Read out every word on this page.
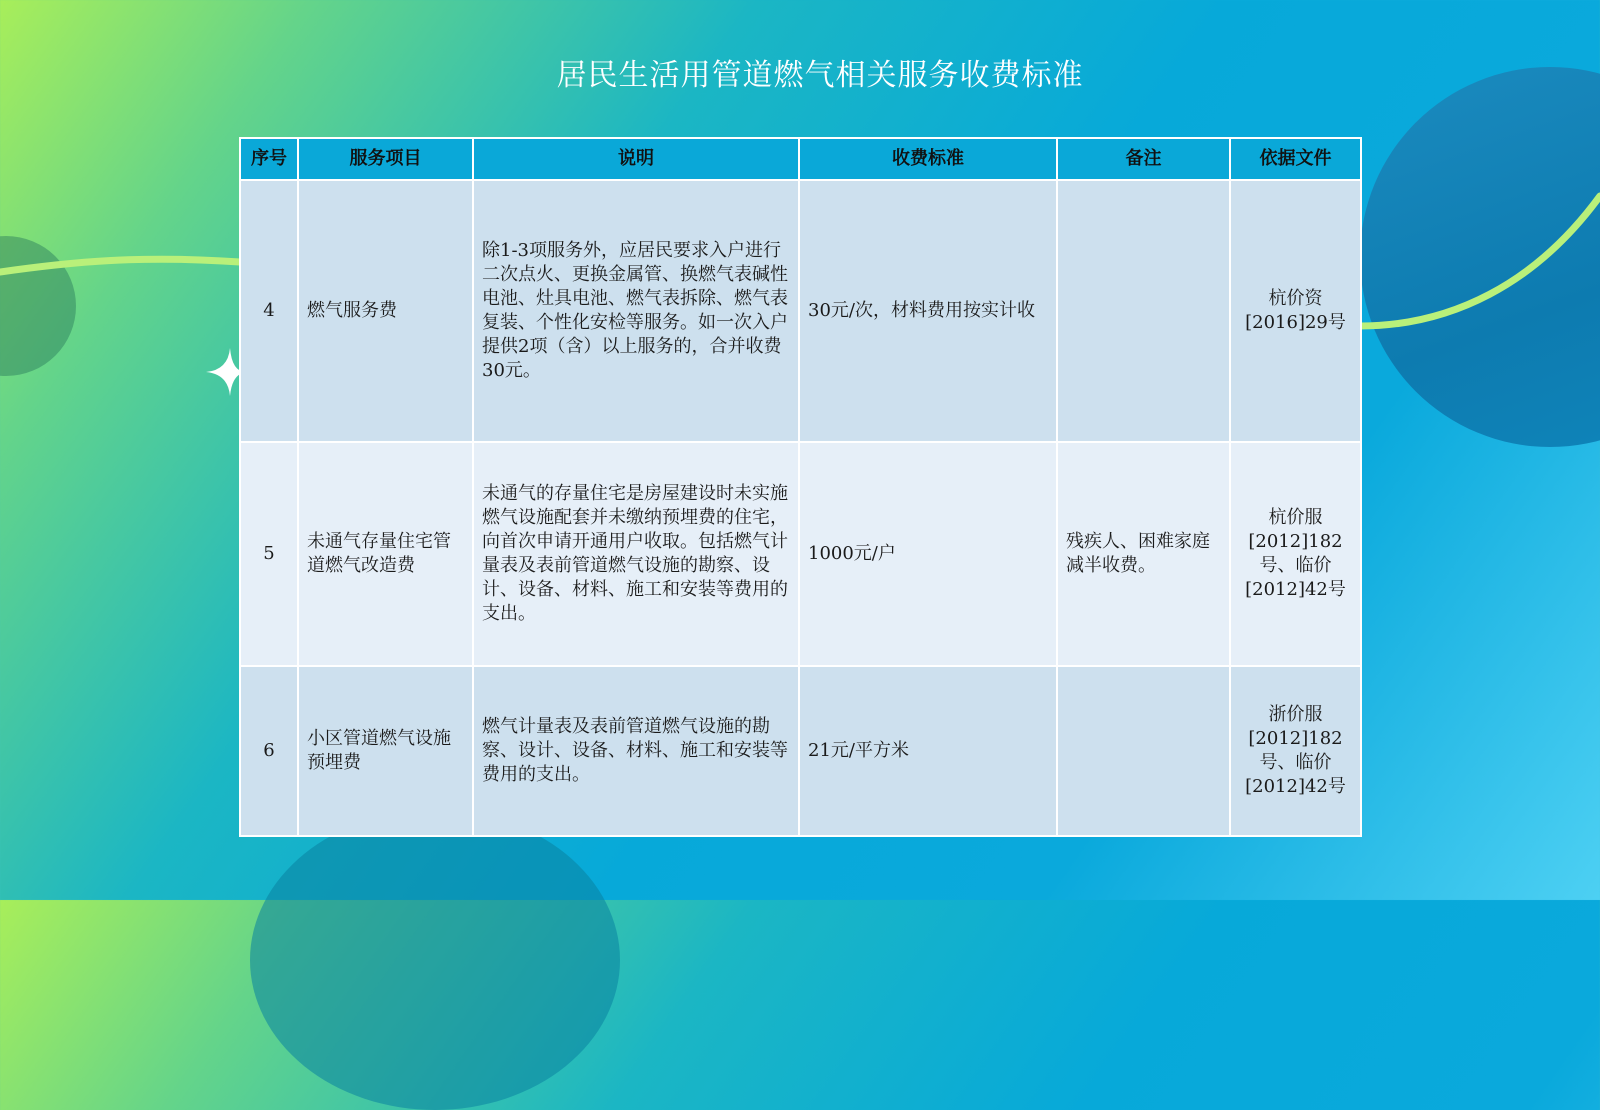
居民生活用管道燃气相关服务收费标准
序号	服务项目	说明	收费标准	备注	依据文件
4	燃气服务费	除1-3项服务外，应居民要求入户进行二次点火、更换金属管、换燃气表碱性电池、灶具电池、燃气表拆除、燃气表复装、个性化安检等服务。如一次入户提供2项（含）以上服务的，合并收费30元。	30元/次，材料费用按实计收		杭价资[2016]29号
5	未通气存量住宅管道燃气改造费	未通气的存量住宅是房屋建设时未实施燃气设施配套并未缴纳预埋费的住宅，向首次申请开通用户收取。包括燃气计量表及表前管道燃气设施的勘察、设计、设备、材料、施工和安装等费用的支出。	1000元/户	残疾人、困难家庭减半收费。	杭价服[2012]182号、临价[2012]42号
6	小区管道燃气设施预埋费	燃气计量表及表前管道燃气设施的勘察、设计、设备、材料、施工和安装等费用的支出。	21元/平方米		浙价服[2012]182号、临价[2012]42号
